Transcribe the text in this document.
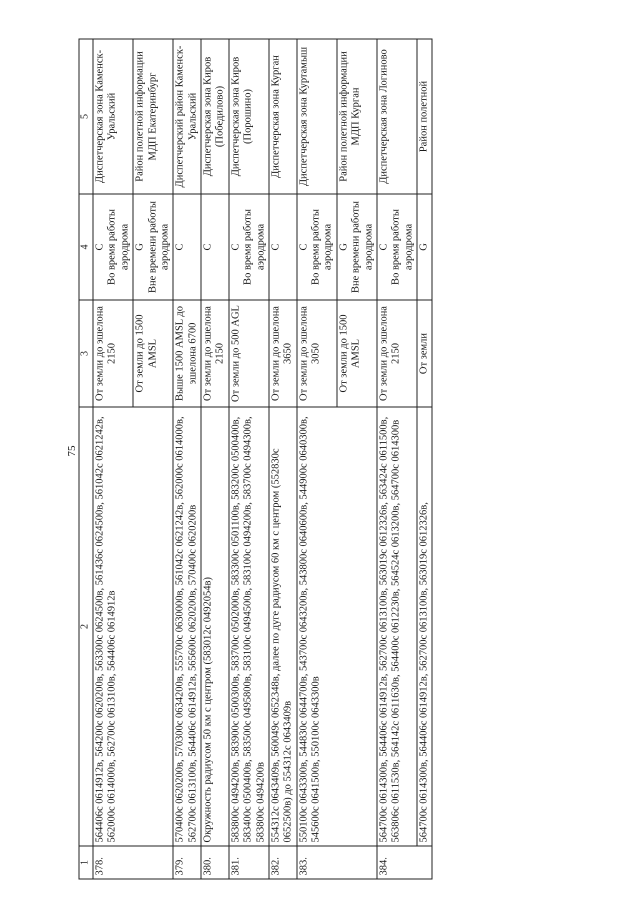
75
1	2	3	4	5
378.	564406с 0614912в, 564200с 0620200в, 563300с 0624500в, 561436с 0624500в, 561042с 0621242в, 562000с 0614000в, 562700с 0613100в, 564406с 0614912в	От земли до эшелона 2150	С Во время работы аэродрома	Диспетчерская зона Каменск-Уральский
		От земли до 1500 AMSL	G Вне времени работы аэродрома	Район полетной информации МДП Екатеринбург
379.	570400с 0620200в, 570300с 0634200в, 555700с 0630000в, 561042с 0621242в, 562000с 0614000в, 562700с 0613100в, 564406с 0614912в, 565600с 0620200в, 570400с 0620200в	Выше 1500 AMSL до эшелона 6700	С	Диспетчерский район Каменск-Уральский
380.	Окружность радиусом 50 км с центром (583012с 0492054в)	От земли до эшелона 2150	С	Диспетчерская зона Киров (Победилово)
381.	583800с 0494200в, 583900с 0500300в, 583700с 0502000в, 583300с 0501100в, 583200с 0500400в, 583400с 0500400в, 583500с 0495800в, 583100с 0494500в, 583100с 0494200в, 583700с 0494300в, 583800с 0494200в	От земли до 500 AGL	С Во время работы аэродрома	Диспетчерская зона Киров (Порошино)
382.	554312с 0643409в, 560049с 0652348в, далее по дуге радиусом 60 км с центром (552830с 0652500в) до 554312с 0643409в	От земли до эшелона 3650	С	Диспетчерская зона Курган
383.	550100с 0643300в, 544830с 0644700в, 543700с 0643200в, 543800с 0640600в, 544900с 0640300в, 545600с 0641500в, 550100с 0643300в	От земли до эшелона 3050	С Во время работы аэродрома	Диспетчерская зона Куртамыш
		От земли до 1500 AMSL	G Вне времени работы аэродрома	Район полетной информации МДП Курган
384.	564700с 0614300в, 564406с 0614912в, 562700с 0613100в, 563019с 0612326в, 563424с 0611500в, 563806с 0611530в, 564142с 0611630в, 564400с 0612230в, 564524с 0613200в, 564700с 0614300в	От земли до эшелона 2150	С Во время работы аэродрома	Диспетчерская зона Логиново
	564700с 0614300в, 564406с 0614912в, 562700с 0613100в, 563019с 0612326в,	От земли	G	Район полетной
